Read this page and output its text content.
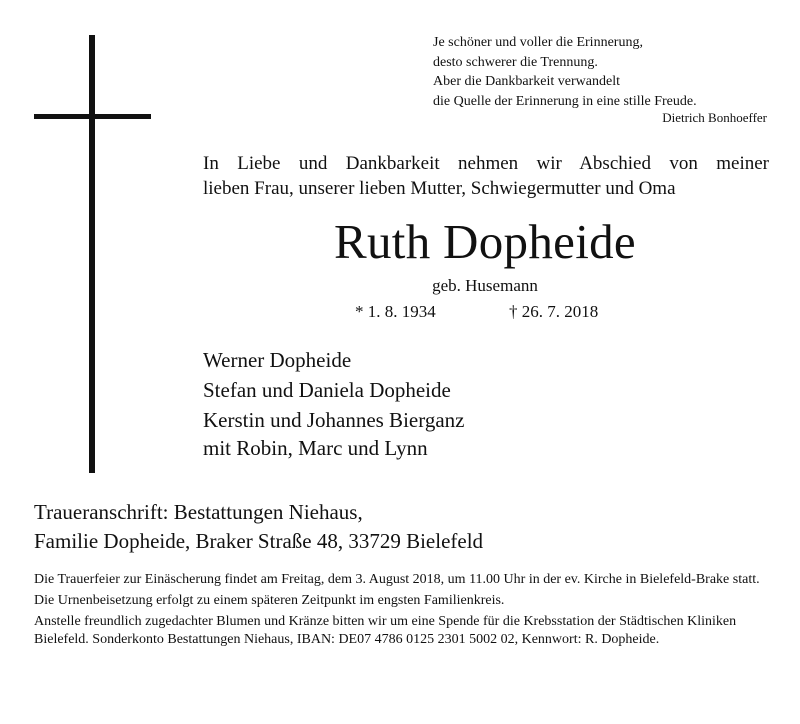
Je schöner und voller die Erinnerung,
desto schwerer die Trennung.
Aber die Dankbarkeit verwandelt
die Quelle der Erinnerung in eine stille Freude.
Dietrich Bonhoeffer
In Liebe und Dankbarkeit nehmen wir Abschied von meiner
lieben Frau, unserer lieben Mutter, Schwiegermutter und Oma
Ruth Dopheide
geb. Husemann
* 1. 8. 1934	† 26. 7. 2018
Werner Dopheide
Stefan und Daniela Dopheide
Kerstin und Johannes Bierganz
mit Robin, Marc und Lynn
Traueranschrift: Bestattungen Niehaus,
Familie Dopheide, Braker Straße 48, 33729 Bielefeld

Die Trauerfeier zur Einäscherung findet am Freitag, dem 3. August 2018, um 11.00 Uhr in der ev. Kirche in Bielefeld-Brake statt.

Die Urnenbeisetzung erfolgt zu einem späteren Zeitpunkt im engsten Familienkreis.

Anstelle freundlich zugedachter Blumen und Kränze bitten wir um eine Spende für die Krebsstation der Städtischen Kliniken Bielefeld. Sonderkonto Bestattungen Niehaus, IBAN: DE07 4786 0125 2301 5002 02, Kennwort: R. Dopheide.
